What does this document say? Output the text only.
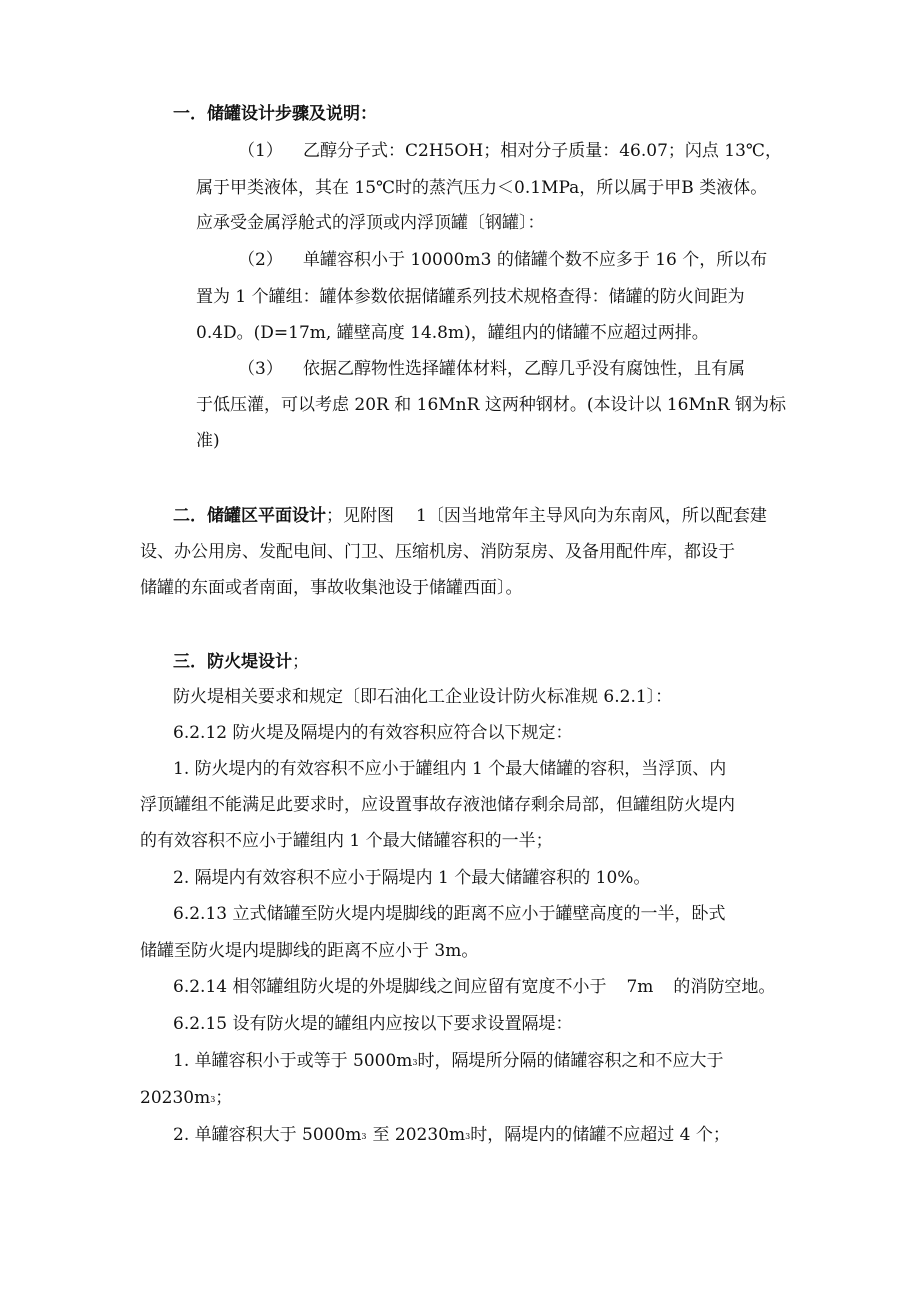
一．储罐设计步骤及说明：
（1） 乙醇分子式：C2H5OH；相对分子质量：46.07；闪点 13℃，
属于甲类液体，其在 15℃时的蒸汽压力＜0.1MPa，所以属于甲B 类液体。
应承受金属浮舱式的浮顶或内浮顶罐〔钢罐〕：
（2） 单罐容积小于 10000m3 的储罐个数不应多于 16 个，所以布
置为 1 个罐组：罐体参数依据储罐系列技术规格查得：储罐的防火间距为
0.4D。(D=17m, 罐壁高度 14.8m)，罐组内的储罐不应超过两排。
（3） 依据乙醇物性选择罐体材料，乙醇几乎没有腐蚀性，且有属
于低压灌，可以考虑 20R 和 16MnR 这两种钢材。(本设计以 16MnR 钢为标
准)
二．储罐区平面设计；见附图 1〔因当地常年主导风向为东南风，所以配套建
设、办公用房、发配电间、门卫、压缩机房、消防泵房、及备用配件库，都设于
储罐的东面或者南面，事故收集池设于储罐西面〕。
三．防火堤设计；
防火堤相关要求和规定〔即石油化工企业设计防火标准规 6.2.1〕：
6.2.12 防火堤及隔堤内的有效容积应符合以下规定：
1. 防火堤内的有效容积不应小于罐组内 1 个最大储罐的容积，当浮顶、内
浮顶罐组不能满足此要求时，应设置事故存液池储存剩余局部，但罐组防火堤内
的有效容积不应小于罐组内 1 个最大储罐容积的一半；
2. 隔堤内有效容积不应小于隔堤内 1 个最大储罐容积的 10%。
6.2.13 立式储罐至防火堤内堤脚线的距离不应小于罐壁高度的一半，卧式
储罐至防火堤内堤脚线的距离不应小于 3m。
6.2.14 相邻罐组防火堤的外堤脚线之间应留有宽度不小于 7m 的消防空地。
6.2.15 设有防火堤的罐组内应按以下要求设置隔堤：
1. 单罐容积小于或等于 5000m3时，隔堤所分隔的储罐容积之和不应大于
20230m3；
2. 单罐容积大于 5000m3 至 20230m3时，隔堤内的储罐不应超过 4 个；
